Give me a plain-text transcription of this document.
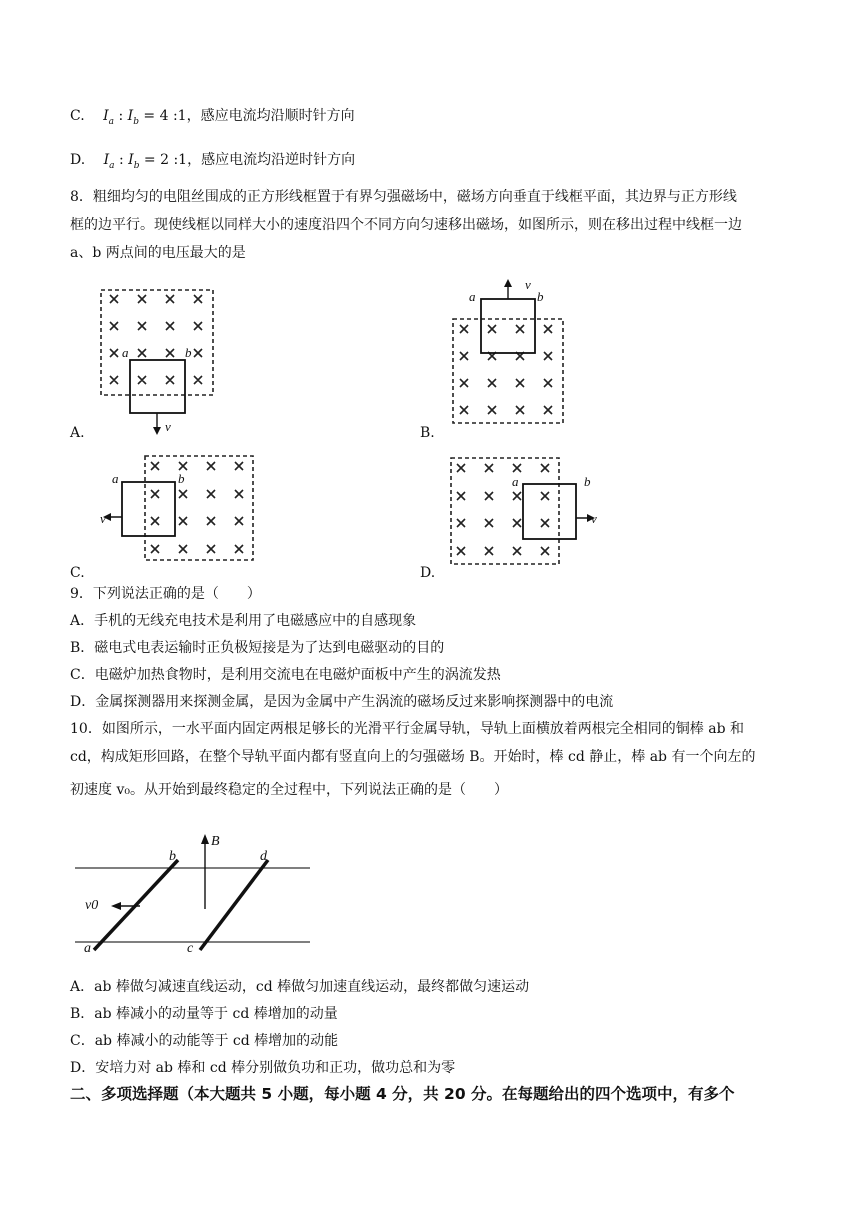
C. $I_a$ : $I_b = 4$ :1，感应电流均沿顺时针方向
D. $I_a$ : $I_b = 2$ :1，感应电流均沿逆时针方向
8．粗细均匀的电阻丝围成的正方形线框置于有界匀强磁场中，磁场方向垂直于线框平面，其边界与正方形线
框的边平行。现使线框以同样大小的速度沿四个不同方向匀速移出磁场，如图所示，则在移出过程中线框一边
a、b 两点间的电压最大的是
a	b
v
A.
a	b
v
B.
a	b
v
C.
a	b
v
D.
9．下列说法正确的是（　　）
A．手机的无线充电技术是利用了电磁感应中的自感现象
B．磁电式电表运输时正负极短接是为了达到电磁驱动的目的
C．电磁炉加热食物时，是利用交流电在电磁炉面板中产生的涡流发热
D．金属探测器用来探测金属，是因为金属中产生涡流的磁场反过来影响探测器中的电流
10．如图所示，一水平面内固定两根足够长的光滑平行金属导轨，导轨上面横放着两根完全相同的铜棒 ab 和
cd，构成矩形回路，在整个导轨平面内都有竖直向上的匀强磁场 B。开始时，棒 cd 静止，棒 ab 有一个向左的
初速度 v₀。从开始到最终稳定的全过程中，下列说法正确的是（　　）
B
b	d
a	c
v0
A．ab 棒做匀减速直线运动，cd 棒做匀加速直线运动，最终都做匀速运动
B．ab 棒减小的动量等于 cd 棒增加的动量
C．ab 棒减小的动能等于 cd 棒增加的动能
D．安培力对 ab 棒和 cd 棒分别做负功和正功，做功总和为零
二、多项选择题（本大题共 5 小题，每小题 4 分，共 20 分。在每题给出的四个选项中，有多个
